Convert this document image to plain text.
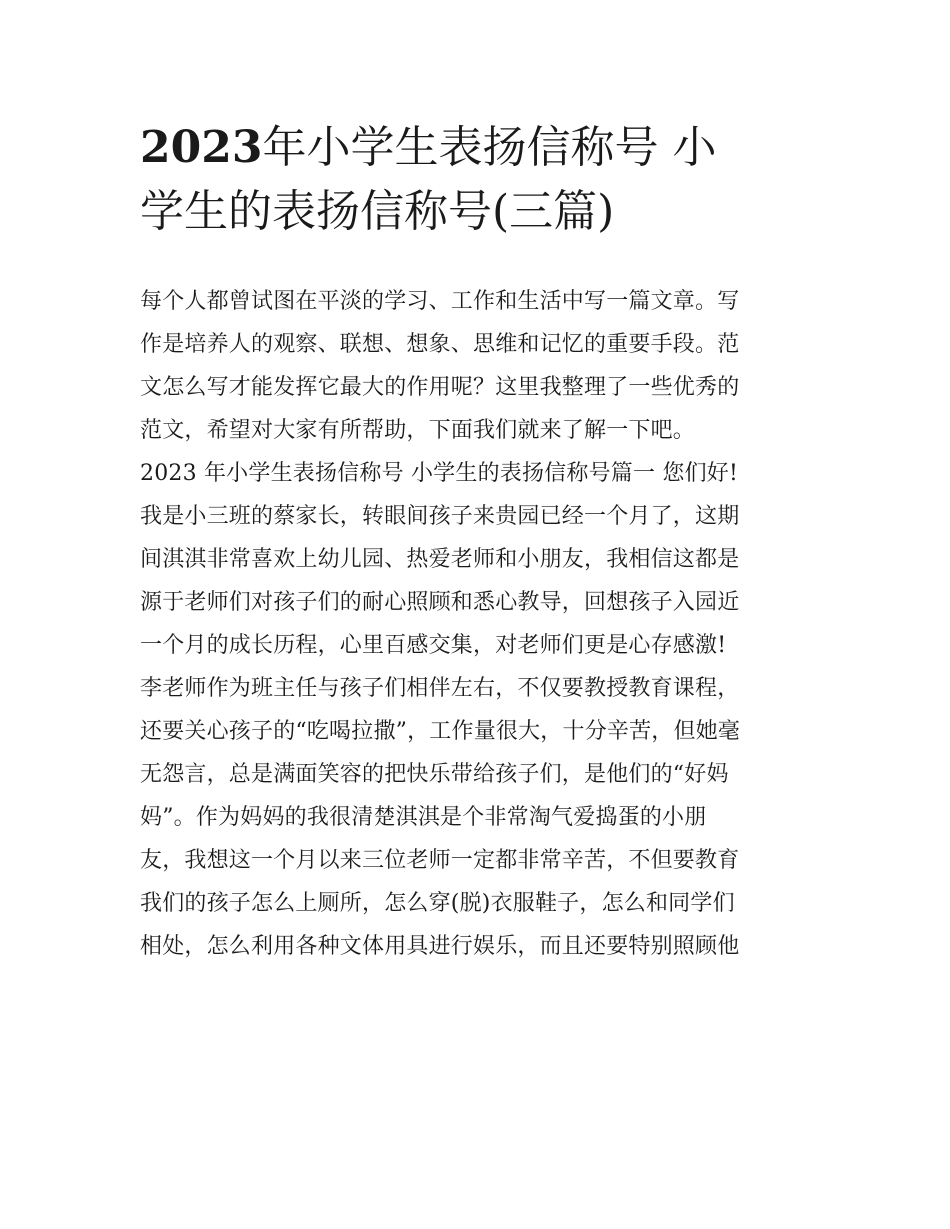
2023年小学生表扬信称号 小
学生的表扬信称号(三篇)
每个人都曾试图在平淡的学习、工作和生活中写一篇文章。写
作是培养人的观察、联想、想象、思维和记忆的重要手段。范
文怎么写才能发挥它最大的作用呢？这里我整理了一些优秀的
范文，希望对大家有所帮助，下面我们就来了解一下吧。
2023 年小学生表扬信称号 小学生的表扬信称号篇一 您们好!
我是小三班的蔡家长，转眼间孩子来贵园已经一个月了，这期
间淇淇非常喜欢上幼儿园、热爱老师和小朋友，我相信这都是
源于老师们对孩子们的耐心照顾和悉心教导，回想孩子入园近
一个月的成长历程，心里百感交集，对老师们更是心存感激!
李老师作为班主任与孩子们相伴左右，不仅要教授教育课程，
还要关心孩子的“吃喝拉撒”，工作量很大，十分辛苦，但她毫
无怨言，总是满面笑容的把快乐带给孩子们，是他们的“好妈
妈”。作为妈妈的我很清楚淇淇是个非常淘气爱捣蛋的小朋
友，我想这一个月以来三位老师一定都非常辛苦，不但要教育
我们的孩子怎么上厕所，怎么穿(脱)衣服鞋子，怎么和同学们
相处，怎么利用各种文体用具进行娱乐，而且还要特别照顾他
